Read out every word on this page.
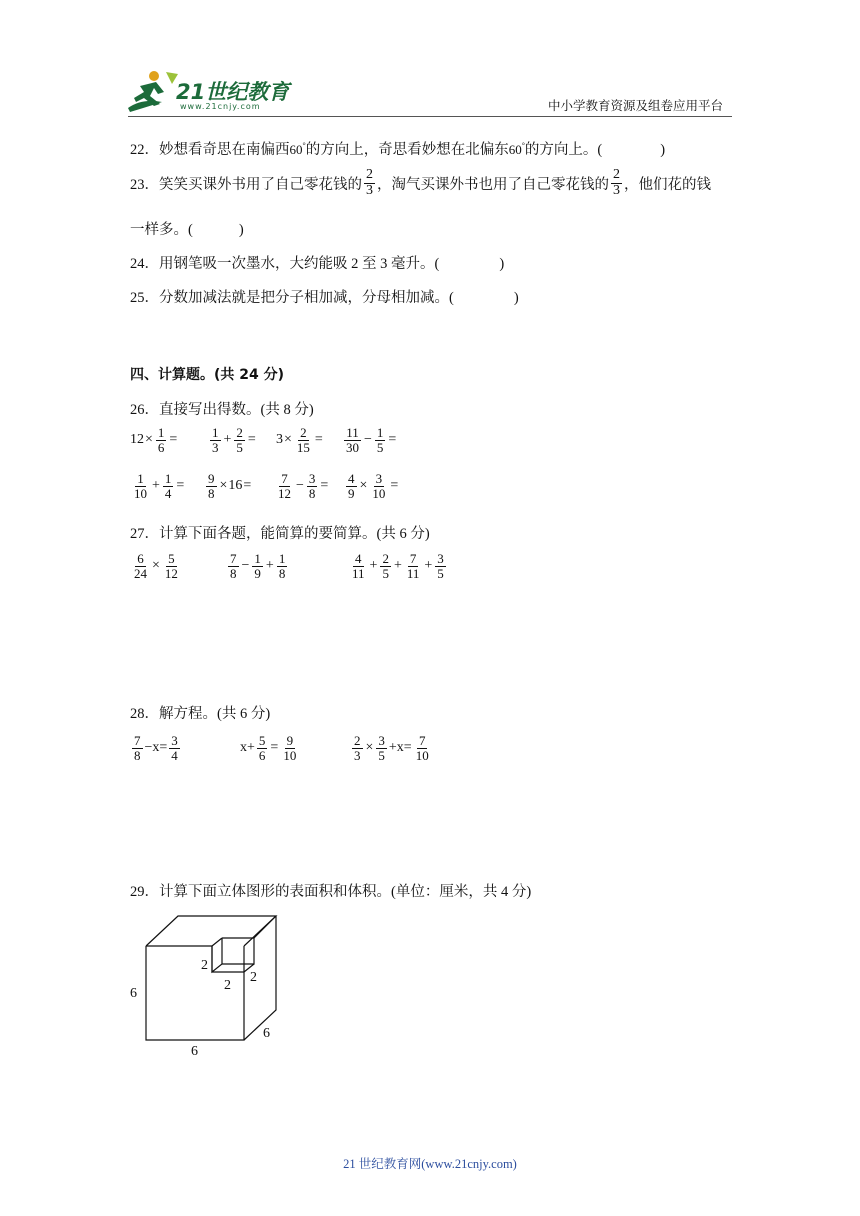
21世纪教育
www.21cnjy.com	中小学教育资源及组卷应用平台
22．妙想看奇思在南偏西60°的方向上，奇思看妙想在北偏东60°的方向上。(	)
23．笑笑买课外书用了自己零花钱的 $\frac{2}{3}$ ，淘气买课外书也用了自己零花钱的 $\frac{2}{3}$ ，他们花的钱
一样多。(	)
24．用钢笔吸一次墨水，大约能吸 2 至 3 毫升。(	)
25．分数加减法就是把分子相加减，分母相加减。(	)
四、计算题。(共 24 分)
26．直接写出得数。(共 8 分)
$12 \times \frac{1}{6}$ =	$\frac{1}{3} + \frac{2}{5} = 3 \times \frac{2}{15} = \frac{11}{30} - \frac{1}{5}$ =
$\frac{1}{10} + \frac{1}{4} = \frac{9}{8} \times 16 = \frac{7}{12} - \frac{3}{8} = \frac{4}{9} \times \frac{3}{10}$ =
27．计算下面各题，能简算的要简算。(共 6 分)
$\frac{6}{24} \times \frac{5}{12}$	$\frac{7}{8} - \frac{1}{9} + \frac{1}{8}$	$\frac{4}{11} + \frac{2}{5} + \frac{7}{11} + \frac{3}{5}$
28．解方程。(共 6 分)
$\frac{7}{8} -x= \frac{3}{4}$	$x+ \frac{5}{6} = \frac{9}{10}$	$\frac{2}{3} \times \frac{3}{5} +x= \frac{7}{10}$
29．计算下面立体图形的表面积和体积。(单位：厘米，共 4 分)
6
6
6
2
2
2
21 世纪教育网(www.21cnjy.com)
